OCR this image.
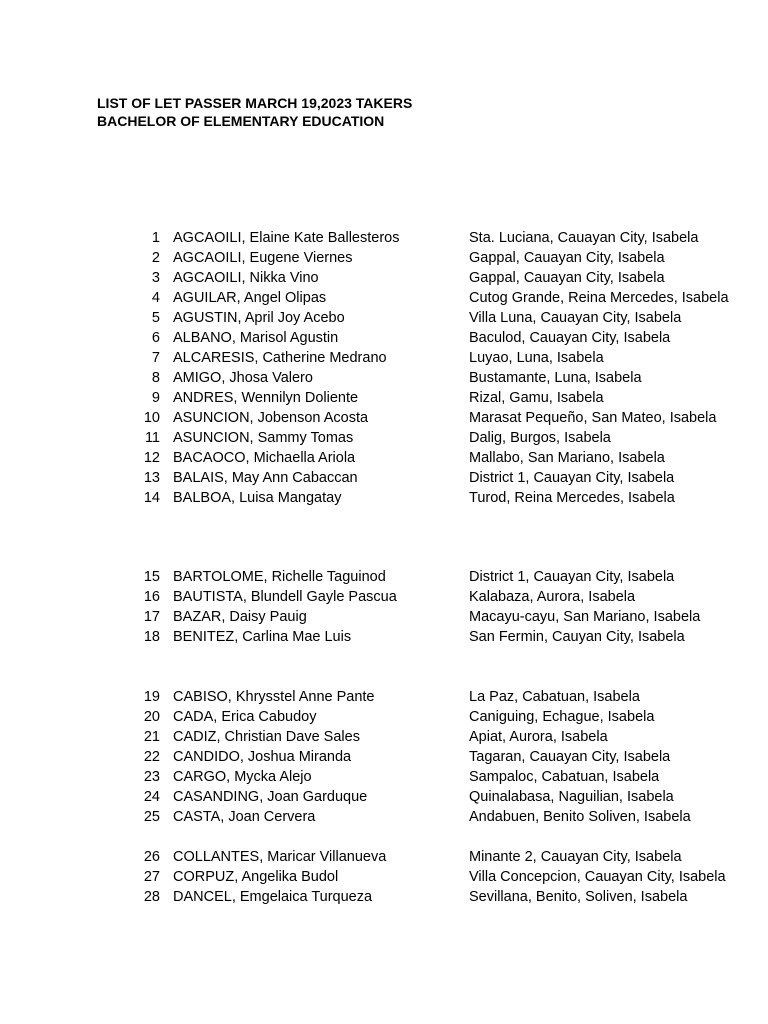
LIST OF LET PASSER MARCH 19,2023 TAKERS
BACHELOR OF ELEMENTARY EDUCATION
1 AGCAOILI, Elaine Kate Ballesteros	Sta. Luciana, Cauayan City, Isabela
2 AGCAOILI, Eugene Viernes	Gappal, Cauayan City, Isabela
3 AGCAOILI, Nikka Vino	Gappal, Cauayan City, Isabela
4 AGUILAR, Angel Olipas	Cutog Grande, Reina Mercedes, Isabela
5 AGUSTIN, April Joy Acebo	Villa Luna, Cauayan City, Isabela
6 ALBANO, Marisol Agustin	Baculod, Cauayan City, Isabela
7 ALCARESIS, Catherine Medrano	Luyao, Luna, Isabela
8 AMIGO, Jhosa Valero	Bustamante, Luna, Isabela
9 ANDRES, Wennilyn Doliente	Rizal, Gamu, Isabela
10 ASUNCION, Jobenson Acosta	Marasat Pequeño, San Mateo, Isabela
11 ASUNCION, Sammy Tomas	Dalig, Burgos, Isabela
12 BACAOCO, Michaella Ariola	Mallabo, San Mariano, Isabela
13 BALAIS, May Ann Cabaccan	District 1, Cauayan City, Isabela
14 BALBOA, Luisa Mangatay	Turod, Reina Mercedes, Isabela
15 BARTOLOME, Richelle Taguinod	District 1, Cauayan City, Isabela
16 BAUTISTA, Blundell Gayle Pascua	Kalabaza, Aurora, Isabela
17 BAZAR, Daisy Pauig	Macayu-cayu, San Mariano, Isabela
18 BENITEZ, Carlina Mae Luis	San Fermin, Cauyan City, Isabela
19 CABISO, Khrysstel Anne Pante	La Paz, Cabatuan, Isabela
20 CADA, Erica Cabudoy	Caniguing, Echague, Isabela
21 CADIZ, Christian Dave Sales	Apiat, Aurora, Isabela
22 CANDIDO, Joshua Miranda	Tagaran, Cauayan City, Isabela
23 CARGO, Mycka Alejo	Sampaloc, Cabatuan, Isabela
24 CASANDING, Joan Garduque	Quinalabasa, Naguilian, Isabela
25 CASTA, Joan Cervera	Andabuen, Benito Soliven, Isabela
26 COLLANTES, Maricar Villanueva	Minante 2, Cauayan City, Isabela
27 CORPUZ, Angelika Budol	Villa Concepcion, Cauayan City, Isabela
28 DANCEL, Emgelaica Turqueza	Sevillana, Benito, Soliven, Isabela
